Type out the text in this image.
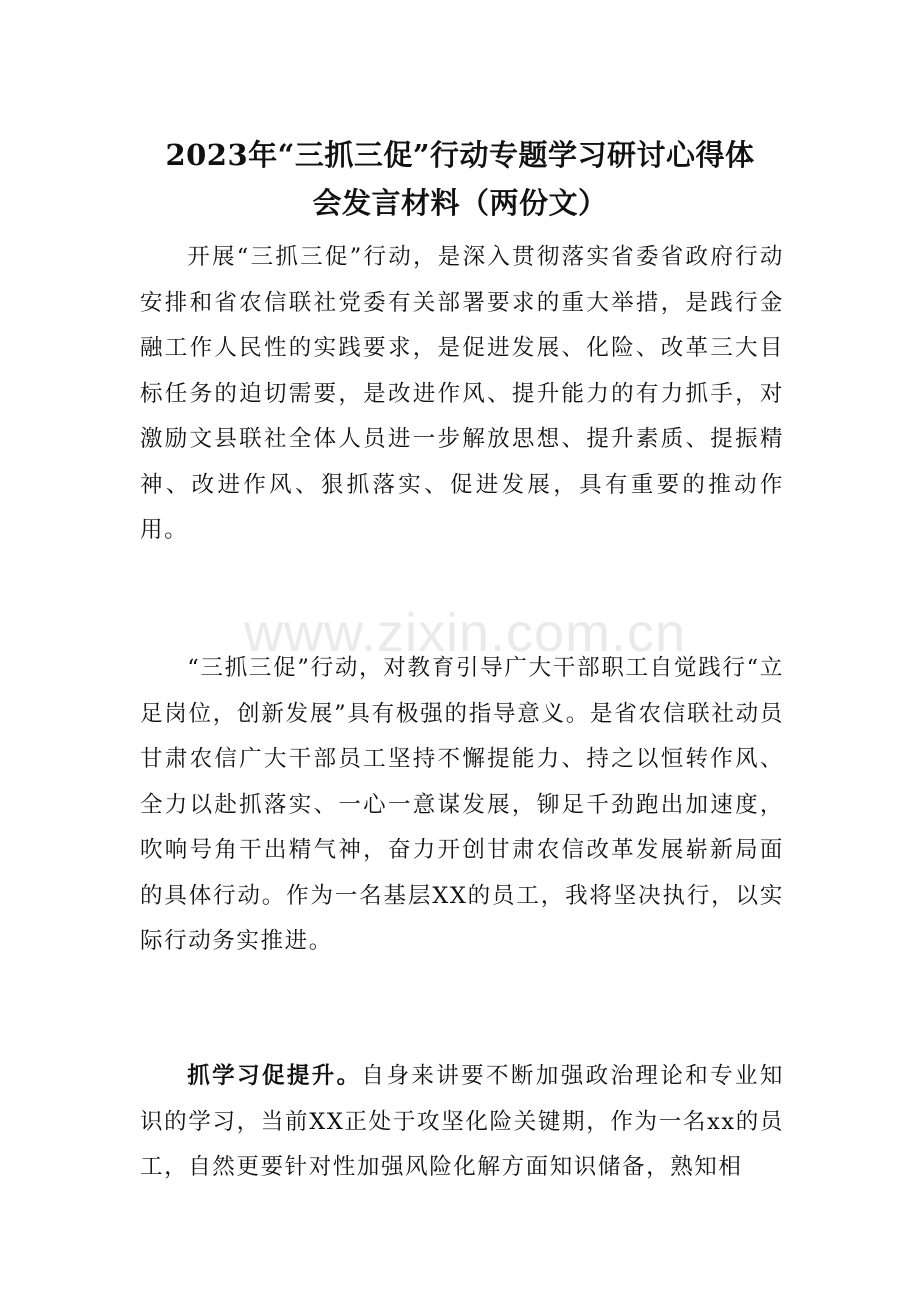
2023年“三抓三促”行动专题学习研讨心得体
会发言材料（两份文）

开展“三抓三促”行动，是深入贯彻落实省委省政府行动安排和省农信联社党委有关部署要求的重大举措，是践行金融工作人民性的实践要求，是促进发展、化险、改革三大目标任务的迫切需要，是改进作风、提升能力的有力抓手，对激励文县联社全体人员进一步解放思想、提升素质、提振精神、改进作风、狠抓落实、促进发展，具有重要的推动作用。

www.zixin.com.cn

“三抓三促”行动，对教育引导广大干部职工自觉践行“立足岗位，创新发展”具有极强的指导意义。是省农信联社动员甘肃农信广大干部员工坚持不懈提能力、持之以恒转作风、全力以赴抓落实、一心一意谋发展，铆足千劲跑出加速度，吹响号角干出精气神，奋力开创甘肃农信改革发展崭新局面的具体行动。作为一名基层XX的员工，我将坚决执行，以实际行动务实推进。

抓学习促提升。自身来讲要不断加强政治理论和专业知识的学习，当前XX正处于攻坚化险关键期，作为一名xx的员工，自然更要针对性加强风险化解方面知识储备，熟知相
